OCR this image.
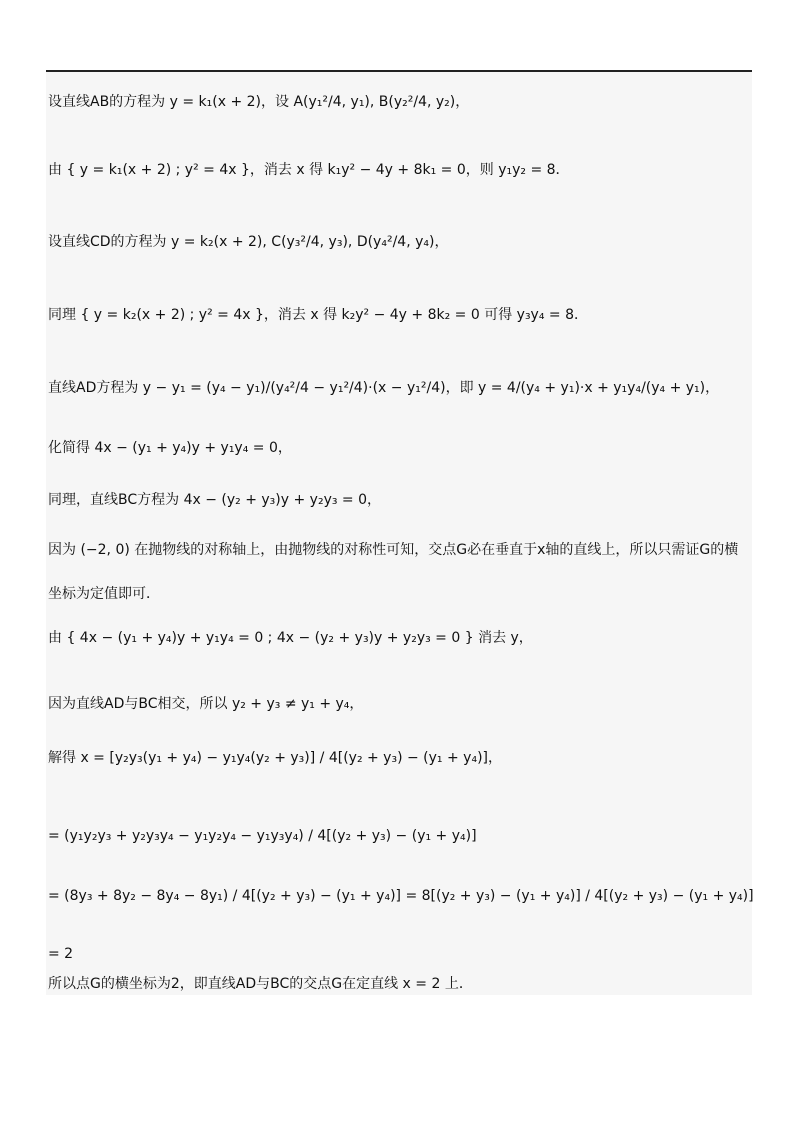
设直线AB的方程为 y = k₁(x + 2)，设 A(y₁²/4, y₁), B(y₂²/4, y₂)，
由 { y = k₁(x + 2) ; y² = 4x }，消去 x 得 k₁y² − 4y + 8k₁ = 0，则 y₁y₂ = 8．
设直线CD的方程为 y = k₂(x + 2), C(y₃²/4, y₃), D(y₄²/4, y₄)，
同理 { y = k₂(x + 2) ; y² = 4x }，消去 x 得 k₂y² − 4y + 8k₂ = 0 可得 y₃y₄ = 8．
直线AD方程为 y − y₁ = (y₄ − y₁)/(y₄²/4 − y₁²/4)·(x − y₁²/4)，即 y = 4/(y₄ + y₁)·x + y₁y₄/(y₄ + y₁)，
化简得 4x − (y₁ + y₄)y + y₁y₄ = 0，
同理，直线BC方程为 4x − (y₂ + y₃)y + y₂y₃ = 0，
因为 (−2, 0) 在抛物线的对称轴上，由抛物线的对称性可知，交点G必在垂直于x轴的直线上，所以只需证G的横
坐标为定值即可．
由 { 4x − (y₁ + y₄)y + y₁y₄ = 0 ; 4x − (y₂ + y₃)y + y₂y₃ = 0 } 消去 y，
因为直线AD与BC相交，所以 y₂ + y₃ ≠ y₁ + y₄，
解得 x = [y₂y₃(y₁ + y₄) − y₁y₄(y₂ + y₃)] / 4[(y₂ + y₃) − (y₁ + y₄)]，
= (y₁y₂y₃ + y₂y₃y₄ − y₁y₂y₄ − y₁y₃y₄) / 4[(y₂ + y₃) − (y₁ + y₄)]
= (8y₃ + 8y₂ − 8y₄ − 8y₁) / 4[(y₂ + y₃) − (y₁ + y₄)] = 8[(y₂ + y₃) − (y₁ + y₄)] / 4[(y₂ + y₃) − (y₁ + y₄)]
= 2
所以点G的横坐标为2，即直线AD与BC的交点G在定直线 x = 2 上．
